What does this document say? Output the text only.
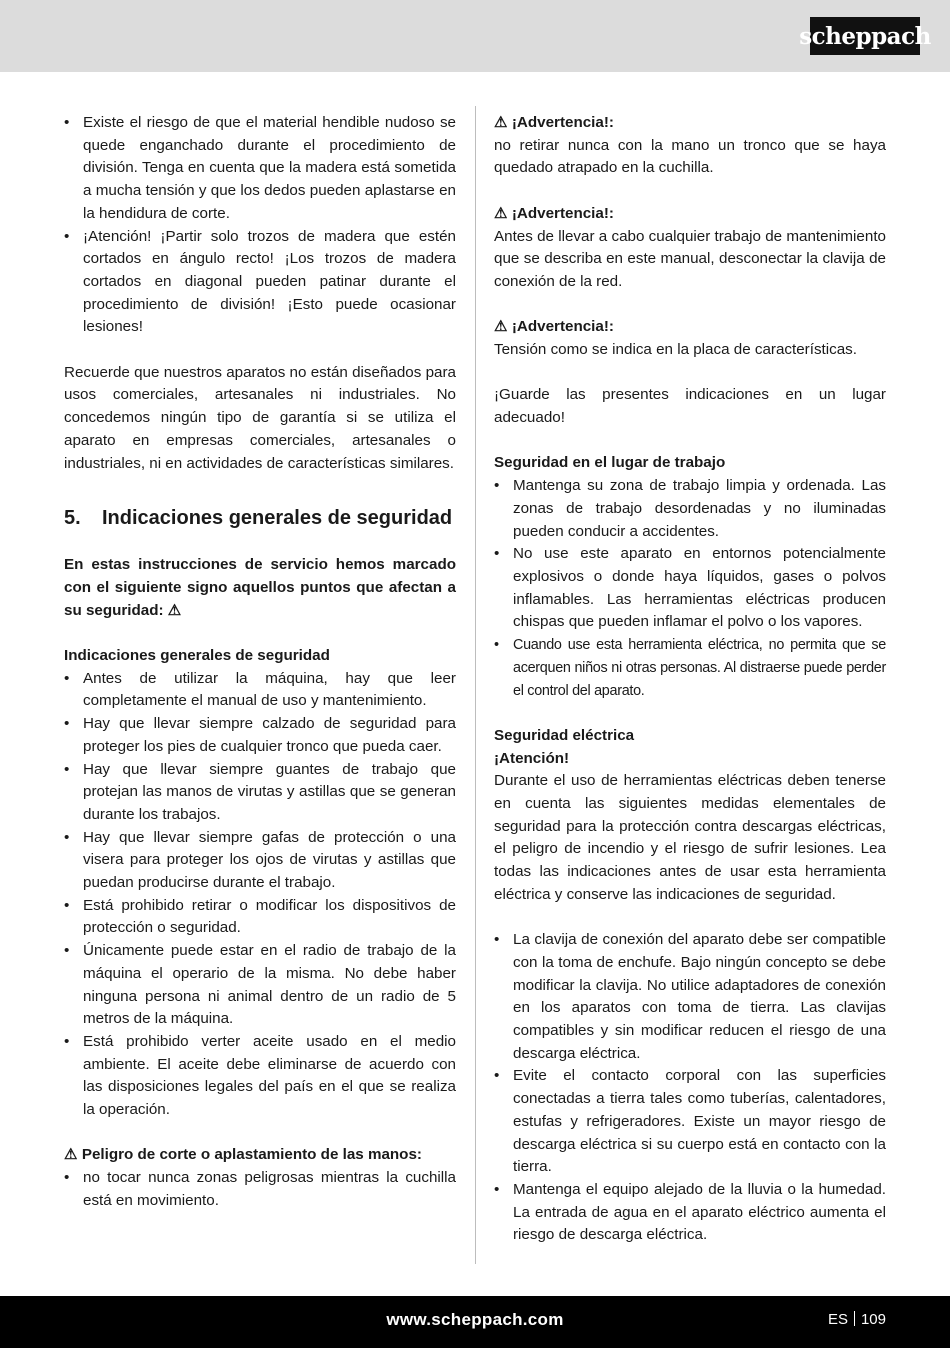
scheppach
• Existe el riesgo de que el material hendible nudoso se quede enganchado durante el procedimiento de división. Tenga en cuenta que la madera está sometida a mucha tensión y que los dedos pueden aplastarse en la hendidura de corte.
• ¡Atención! ¡Partir solo trozos de madera que estén cortados en ángulo recto! ¡Los trozos de madera cortados en diagonal pueden patinar durante el procedimiento de división! ¡Esto puede ocasionar lesiones!

Recuerde que nuestros aparatos no están diseñados para usos comerciales, artesanales ni industriales. No concedemos ningún tipo de garantía si se utiliza el aparato en empresas comerciales, artesanales o industriales, ni en actividades de características similares.

5.	Indicaciones generales de seguridad

En estas instrucciones de servicio hemos marcado con el siguiente signo aquellos puntos que afectan a su seguridad: ⚠

Indicaciones generales de seguridad

• Antes de utilizar la máquina, hay que leer completamente el manual de uso y mantenimiento.
• Hay que llevar siempre calzado de seguridad para proteger los pies de cualquier tronco que pueda caer.
• Hay que llevar siempre guantes de trabajo que protejan las manos de virutas y astillas que se generan durante los trabajos.
• Hay que llevar siempre gafas de protección o una visera para proteger los ojos de virutas y astillas que puedan producirse durante el trabajo.
• Está prohibido retirar o modificar los dispositivos de protección o seguridad.
• Únicamente puede estar en el radio de trabajo de la máquina el operario de la misma. No debe haber ninguna persona ni animal dentro de un radio de 5 metros de la máquina.
• Está prohibido verter aceite usado en el medio ambiente. El aceite debe eliminarse de acuerdo con las disposiciones legales del país en el que se realiza la operación.

⚠ Peligro de corte o aplastamiento de las manos:

• no tocar nunca zonas peligrosas mientras la cuchilla está en movimiento.

⚠ ¡Advertencia!:

no retirar nunca con la mano un tronco que se haya quedado atrapado en la cuchilla.

⚠ ¡Advertencia!:

Antes de llevar a cabo cualquier trabajo de mantenimiento que se describa en este manual, desconectar la clavija de conexión de la red.

⚠ ¡Advertencia!:

Tensión como se indica en la placa de características.

¡Guarde las presentes indicaciones en un lugar adecuado!

Seguridad en el lugar de trabajo

• Mantenga su zona de trabajo limpia y ordenada. Las zonas de trabajo desordenadas y no iluminadas pueden conducir a accidentes.
• No use este aparato en entornos potencialmente explosivos o donde haya líquidos, gases o polvos inflamables. Las herramientas eléctricas producen chispas que pueden inflamar el polvo o los vapores.
• Cuando use esta herramienta eléctrica, no permita que se acerquen niños ni otras personas. Al distraerse puede perder el control del aparato.

Seguridad eléctrica

¡Atención!

Durante el uso de herramientas eléctricas deben tenerse en cuenta las siguientes medidas elementales de seguridad para la protección contra descargas eléctricas, el peligro de incendio y el riesgo de sufrir lesiones. Lea todas las indicaciones antes de usar esta herramienta eléctrica y conserve las indicaciones de seguridad.

• La clavija de conexión del aparato debe ser compatible con la toma de enchufe. Bajo ningún concepto se debe modificar la clavija. No utilice adaptadores de conexión en los aparatos con toma de tierra. Las clavijas compatibles y sin modificar reducen el riesgo de una descarga eléctrica.
• Evite el contacto corporal con las superficies conectadas a tierra tales como tuberías, calentadores, estufas y refrigeradores. Existe un mayor riesgo de descarga eléctrica si su cuerpo está en contacto con la tierra.
• Mantenga el equipo alejado de la lluvia o la humedad. La entrada de agua en el aparato eléctrico aumenta el riesgo de descarga eléctrica.
www.scheppach.com	ES 109
